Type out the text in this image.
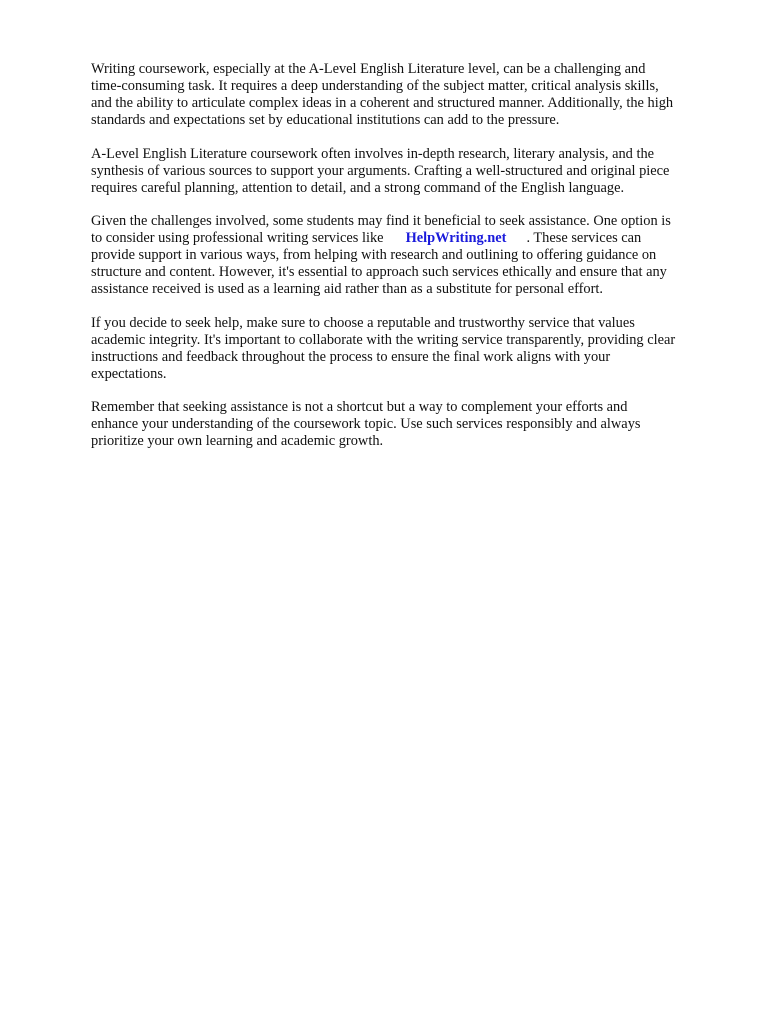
Writing coursework, especially at the A-Level English Literature level, can be a challenging and
time-consuming task. It requires a deep understanding of the subject matter, critical analysis skills,
and the ability to articulate complex ideas in a coherent and structured manner. Additionally, the high
standards and expectations set by educational institutions can add to the pressure.

A-Level English Literature coursework often involves in-depth research, literary analysis, and the
synthesis of various sources to support your arguments. Crafting a well-structured and original piece
requires careful planning, attention to detail, and a strong command of the English language.

Given the challenges involved, some students may find it beneficial to seek assistance. One option is
to consider using professional writing services like HelpWriting.net . These services can
provide support in various ways, from helping with research and outlining to offering guidance on
structure and content. However, it's essential to approach such services ethically and ensure that any
assistance received is used as a learning aid rather than as a substitute for personal effort.

If you decide to seek help, make sure to choose a reputable and trustworthy service that values
academic integrity. It's important to collaborate with the writing service transparently, providing clear
instructions and feedback throughout the process to ensure the final work aligns with your
expectations.

Remember that seeking assistance is not a shortcut but a way to complement your efforts and
enhance your understanding of the coursework topic. Use such services responsibly and always
prioritize your own learning and academic growth.
